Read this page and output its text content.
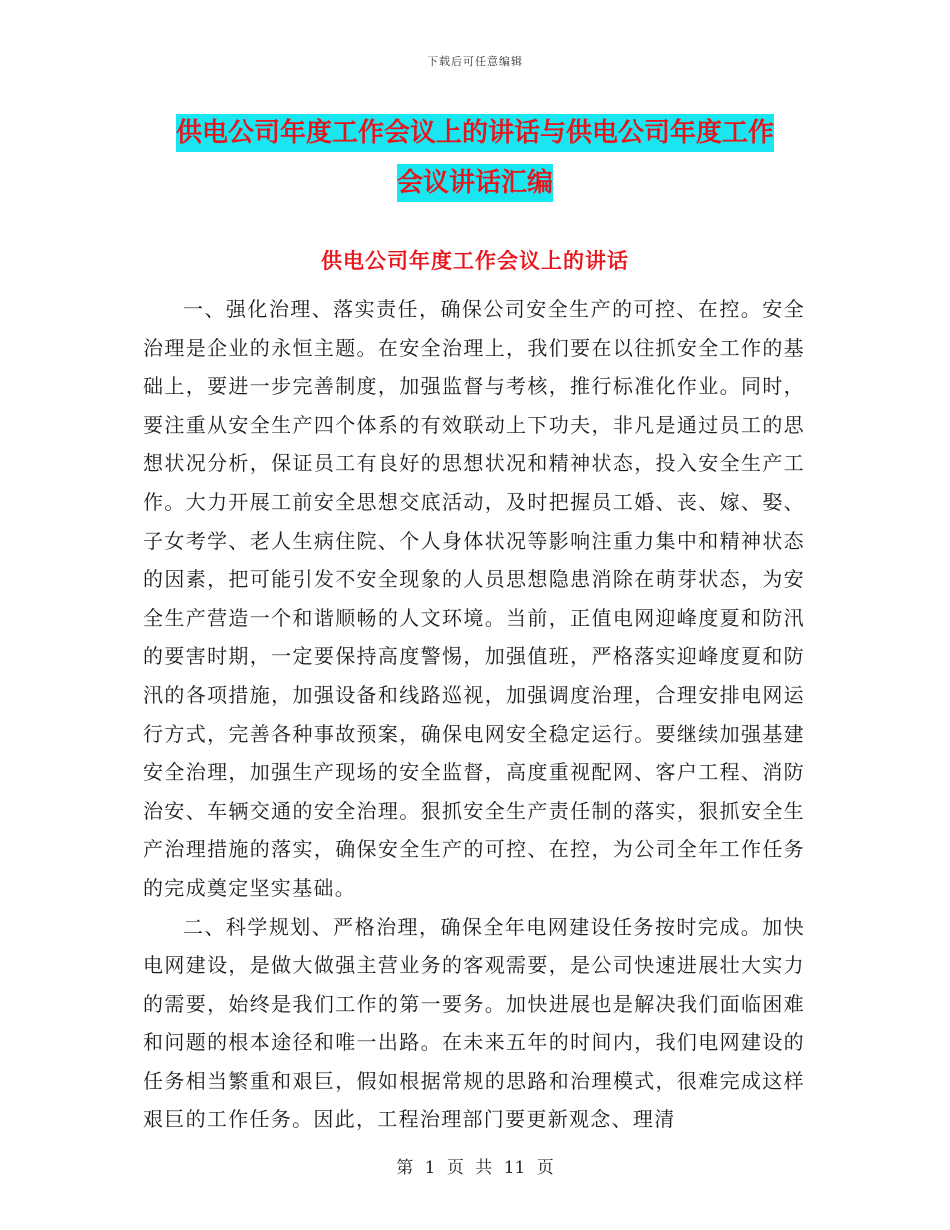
下载后可任意编辑
供电公司年度工作会议上的讲话与供电公司年度工作
会议讲话汇编
供电公司年度工作会议上的讲话

一、强化治理、落实责任，确保公司安全生产的可控、在控。安全治理是企业的永恒主题。在安全治理上，我们要在以往抓安全工作的基础上，要进一步完善制度，加强监督与考核，推行标准化作业。同时，要注重从安全生产四个体系的有效联动上下功夫，非凡是通过员工的思想状况分析，保证员工有良好的思想状况和精神状态，投入安全生产工作。大力开展工前安全思想交底活动，及时把握员工婚、丧、嫁、娶、子女考学、老人生病住院、个人身体状况等影响注重力集中和精神状态的因素，把可能引发不安全现象的人员思想隐患消除在萌芽状态，为安全生产营造一个和谐顺畅的人文环境。当前，正值电网迎峰度夏和防汛的要害时期，一定要保持高度警惕，加强值班，严格落实迎峰度夏和防汛的各项措施，加强设备和线路巡视，加强调度治理，合理安排电网运行方式，完善各种事故预案，确保电网安全稳定运行。要继续加强基建安全治理，加强生产现场的安全监督，高度重视配网、客户工程、消防治安、车辆交通的安全治理。狠抓安全生产责任制的落实，狠抓安全生产治理措施的落实，确保安全生产的可控、在控，为公司全年工作任务的完成奠定坚实基础。

二、科学规划、严格治理，确保全年电网建设任务按时完成。加快电网建设，是做大做强主营业务的客观需要，是公司快速进展壮大实力的需要，始终是我们工作的第一要务。加快进展也是解决我们面临困难和问题的根本途径和唯一出路。在未来五年的时间内，我们电网建设的任务相当繁重和艰巨，假如根据常规的思路和治理模式，很难完成这样艰巨的工作任务。因此，工程治理部门要更新观念、理清

第 1 页 共 11 页
